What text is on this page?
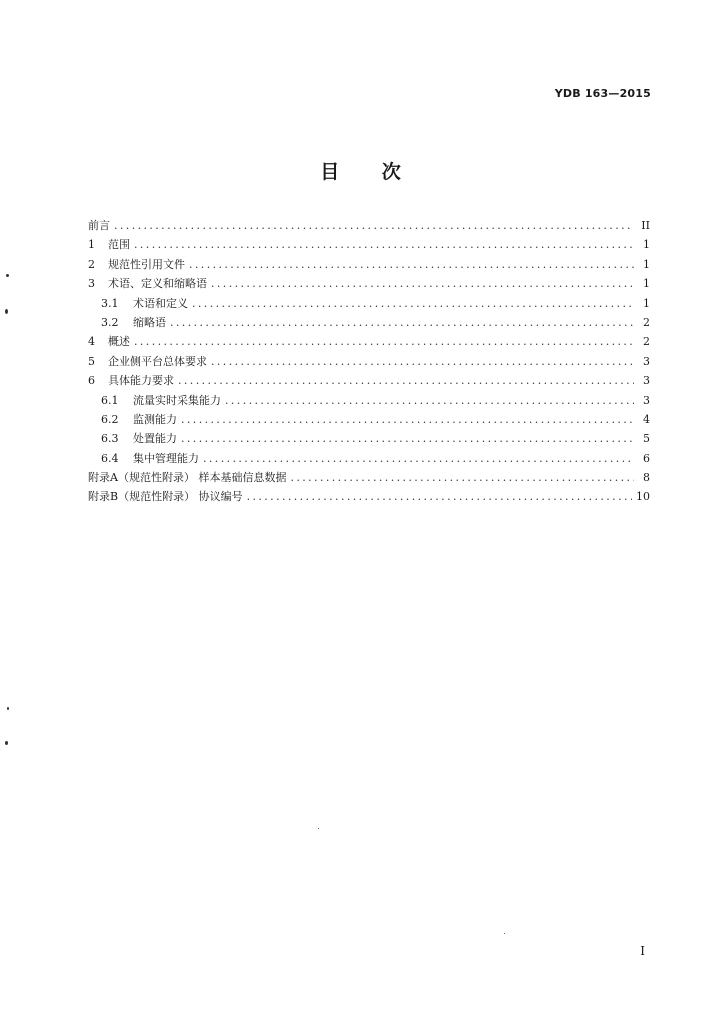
YDB 163—2015
目 次
前言 .....	II
1	范围 .....	1
2	规范性引用文件 .....	1
3	术语、定义和缩略语 .....	1
3.1	术语和定义 .....	1
3.2	缩略语 .....	2
4	概述 .....	2
5	企业侧平台总体要求 .....	3
6	具体能力要求 .....	3
6.1	流量实时采集能力 .....	3
6.2	监测能力 .....	4
6.3	处置能力 .....	5
6.4	集中管理能力 .....	6
附录A（规范性附录） 样本基础信息数据 .....	8
附录B（规范性附录） 协议编号 .....	10
I
